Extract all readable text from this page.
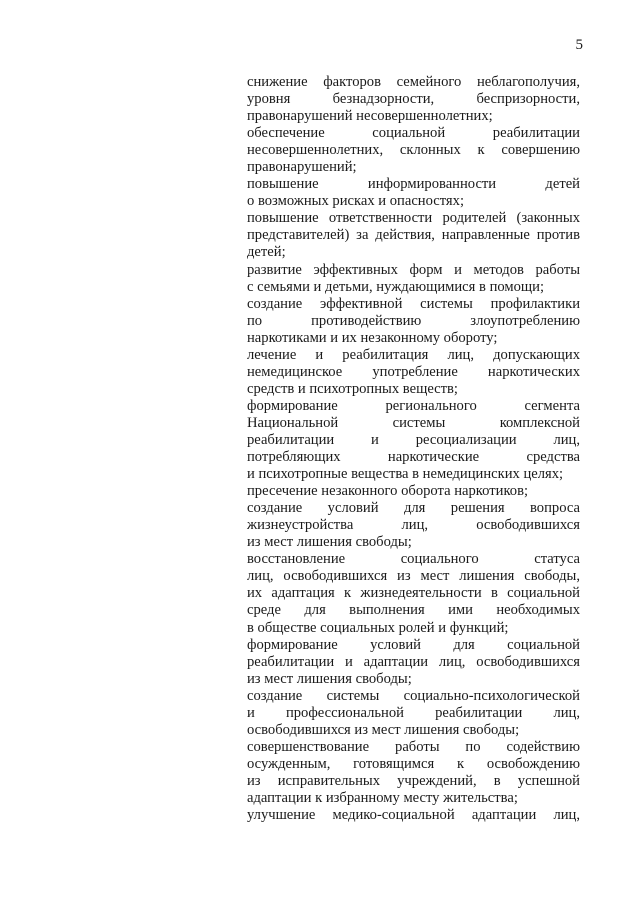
5
снижение факторов семейного неблагополучия,
уровня безнадзорности, беспризорности,
правонарушений несовершеннолетних;
обеспечение социальной реабилитации
несовершеннолетних, склонных к совершению
правонарушений;
повышение информированности детей
о возможных рисках и опасностях;
повышение ответственности родителей (законных
представителей) за действия, направленные против
детей;
развитие эффективных форм и методов работы
с семьями и детьми, нуждающимися в помощи;
создание эффективной системы профилактики
по противодействию злоупотреблению
наркотиками и их незаконному обороту;
лечение и реабилитация лиц, допускающих
немедицинское употребление наркотических
средств и психотропных веществ;
формирование регионального сегмента
Национальной системы комплексной
реабилитации и ресоциализации лиц,
потребляющих наркотические средства
и психотропные вещества в немедицинских целях;
пресечение незаконного оборота наркотиков;
создание условий для решения вопроса
жизнеустройства лиц, освободившихся
из мест лишения свободы;
восстановление социального статуса
лиц, освободившихся из мест лишения свободы,
их адаптация к жизнедеятельности в социальной
среде для выполнения ими необходимых
в обществе социальных ролей и функций;
формирование условий для социальной
реабилитации и адаптации лиц, освободившихся
из мест лишения свободы;
создание системы социально-психологической
и профессиональной реабилитации лиц,
освободившихся из мест лишения свободы;
совершенствование работы по содействию
осужденным, готовящимся к освобождению
из исправительных учреждений, в успешной
адаптации к избранному месту жительства;
улучшение медико-социальной адаптации лиц,
